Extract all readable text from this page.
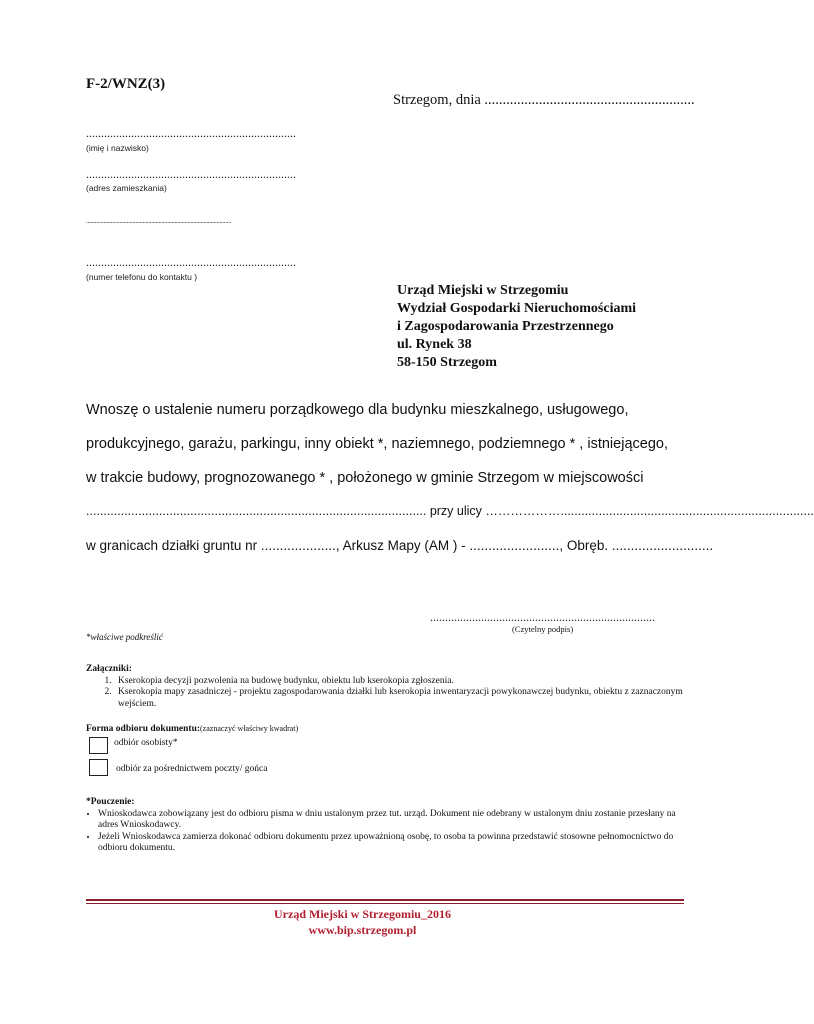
F-2/WNZ(3)
Strzegom, dnia ..........................................................
......................................................................
(imię i nazwisko)
......................................................................
(adres zamieszkania)
....................................................................................................
......................................................................
(numer telefonu do kontaktu )
Urząd Miejski w Strzegomiu
Wydział Gospodarki Nieruchomościami
i Zagospodarowania Przestrzennego
ul. Rynek 38
58-150 Strzegom
Wnoszę o ustalenie numeru porządkowego dla budynku mieszkalnego, usługowego,
produkcyjnego, garażu, parkingu, inny obiekt *, naziemnego, podziemnego * , istniejącego,
w trakcie budowy, prognozowanego * , położonego w gminie Strzegom w miejscowości
.................................................................................................. przy ulicy ……………….........................................................................
w granicach działki gruntu nr ...................., Arkusz Mapy (AM ) - ........................, Obręb. ...........................
...........................................................................
(Czytelny podpis)
*właściwe podkreślić
Załączniki:
1. Kserokopia decyzji pozwolenia na budowę budynku, obiektu lub kserokopia zgłoszenia.
2. Kserokopia mapy zasadniczej - projektu zagospodarowania działki lub kserokopia inwentaryzacji powykonawczej budynku, obiektu z zaznaczonym wejściem.
Forma odbioru dokumentu:(zaznaczyć właściwy kwadrat)
odbiór osobisty*
odbiór za pośrednictwem poczty/ gońca
*Pouczenie:
• Wnioskodawca zobowiązany jest do odbioru pisma w dniu ustalonym przez tut. urząd. Dokument nie odebrany w ustalonym dniu zostanie przesłany na adres Wnioskodawcy.
• Jeżeli Wnioskodawca zamierza dokonać odbioru dokumentu przez upoważnioną osobę, to osoba ta powinna przedstawić stosowne pełnomocnictwo do odbioru dokumentu.
Urząd Miejski w Strzegomiu_2016
www.bip.strzegom.pl
